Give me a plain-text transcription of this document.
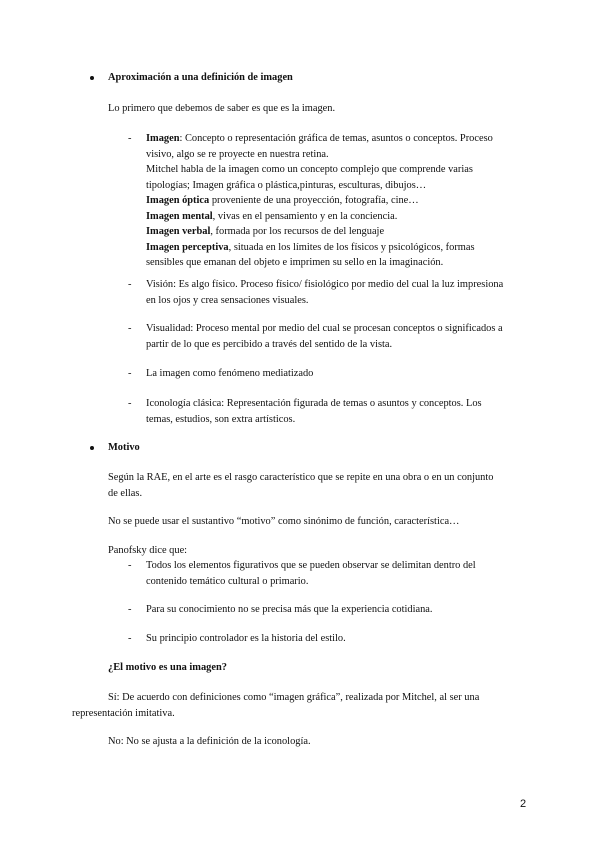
Aproximación a una definición de imagen
Lo primero que debemos de saber es que es la imagen.
- Imagen: Concepto o representación gráfica de temas, asuntos o conceptos. Proceso
visivo, algo se re proyecte en nuestra retina.
Mitchel habla de la imagen como un concepto complejo que comprende varias
tipologías; Imagen gráfica o plástica,pinturas, esculturas, dibujos…
Imagen óptica proveniente de una proyección, fotografía, cine…
Imagen mental, vivas en el pensamiento y en la conciencia.
Imagen verbal, formada por los recursos de del lenguaje
Imagen perceptiva, situada en los límites de los físicos y psicológicos, formas
sensibles que emanan del objeto e imprimen su sello en la imaginación.
- Visión: Es algo físico. Proceso físico/ fisiológico por medio del cual la luz impresiona
en los ojos y crea sensaciones visuales.
- Visualidad: Proceso mental por medio del cual se procesan conceptos o significados a
partir de lo que es percibido a través del sentido de la vista.
- La imagen como fenómeno mediatizado
- Iconología clásica: Representación figurada de temas o asuntos y conceptos. Los
temas, estudios, son extra artísticos.
Motivo
Según la RAE, en el arte es el rasgo característico que se repite en una obra o en un conjunto
de ellas.
No se puede usar el sustantivo “motivo” como sinónimo de función, característica…
Panofsky dice que:
- Todos los elementos figurativos que se pueden observar se delimitan dentro del
contenido temático cultural o primario.
- Para su conocimiento no se precisa más que la experiencia cotidiana.
- Su principio controlador es la historia del estilo.
¿El motivo es una imagen?
Sí: De acuerdo con definiciones como “imagen gráfica”, realizada por Mitchel, al ser una
representación imitativa.
No: No se ajusta a la definición de la iconología.
2
